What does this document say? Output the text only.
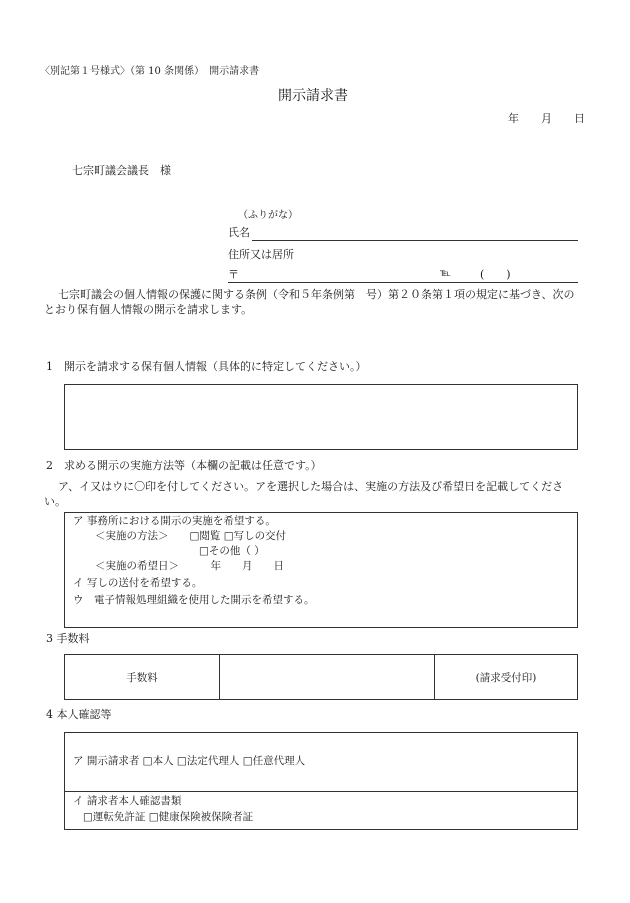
〈別記第１号様式〉（第 10 条関係）　開示請求書
開示請求書
年　　月　　日
七宗町議会議長　様
（ふりがな）
氏名
住所又は居所
〒	℡	(　　)
七宗町議会の個人情報の保護に関する条例（令和５年条例第　号）第２０条第１項の規定に基づき、次のとおり保有個人情報の開示を請求します。
1　開示を請求する保有個人情報（具体的に特定してください。）
2　求める開示の実施方法等（本欄の記載は任意です。）
ア、イ又はウに〇印を付してください。アを選択した場合は、実施の方法及び希望日を記載してください。
ア 事務所における開示の実施を希望する。
＜実施の方法＞　　□閲覧 □写しの交付
□その他（ ）
＜実施の希望日＞　　　年　　月　　日
イ 写しの送付を希望する。
ウ　電子情報処理組織を使用した開示を希望する。
3 手数料
手数料		(請求受付印)
4 本人確認等
ア 開示請求者 □本人 □法定代理人 □任意代理人
イ 請求者本人確認書類
□運転免許証 □健康保険被保険者証
